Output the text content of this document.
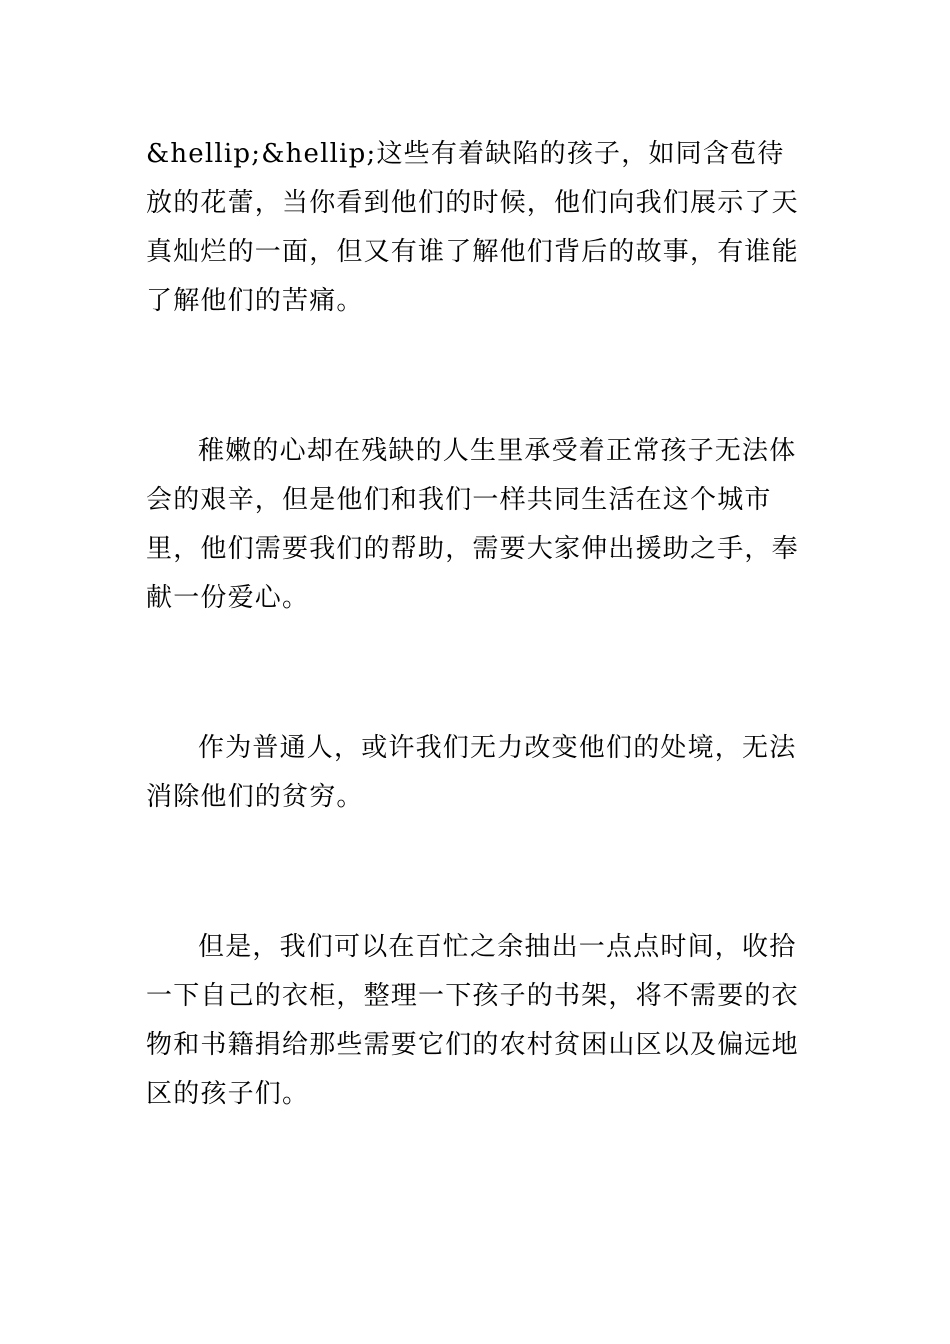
&hellip;&hellip;这些有着缺陷的孩子，如同含苞待放的花蕾，当你看到他们的时候，他们向我们展示了天真灿烂的一面，但又有谁了解他们背后的故事，有谁能了解他们的苦痛。

稚嫩的心却在残缺的人生里承受着正常孩子无法体会的艰辛，但是他们和我们一样共同生活在这个城市里，他们需要我们的帮助，需要大家伸出援助之手，奉献一份爱心。

作为普通人，或许我们无力改变他们的处境，无法消除他们的贫穷。

但是，我们可以在百忙之余抽出一点点时间，收拾一下自己的衣柜，整理一下孩子的书架，将不需要的衣物和书籍捐给那些需要它们的农村贫困山区以及偏远地区的孩子们。
